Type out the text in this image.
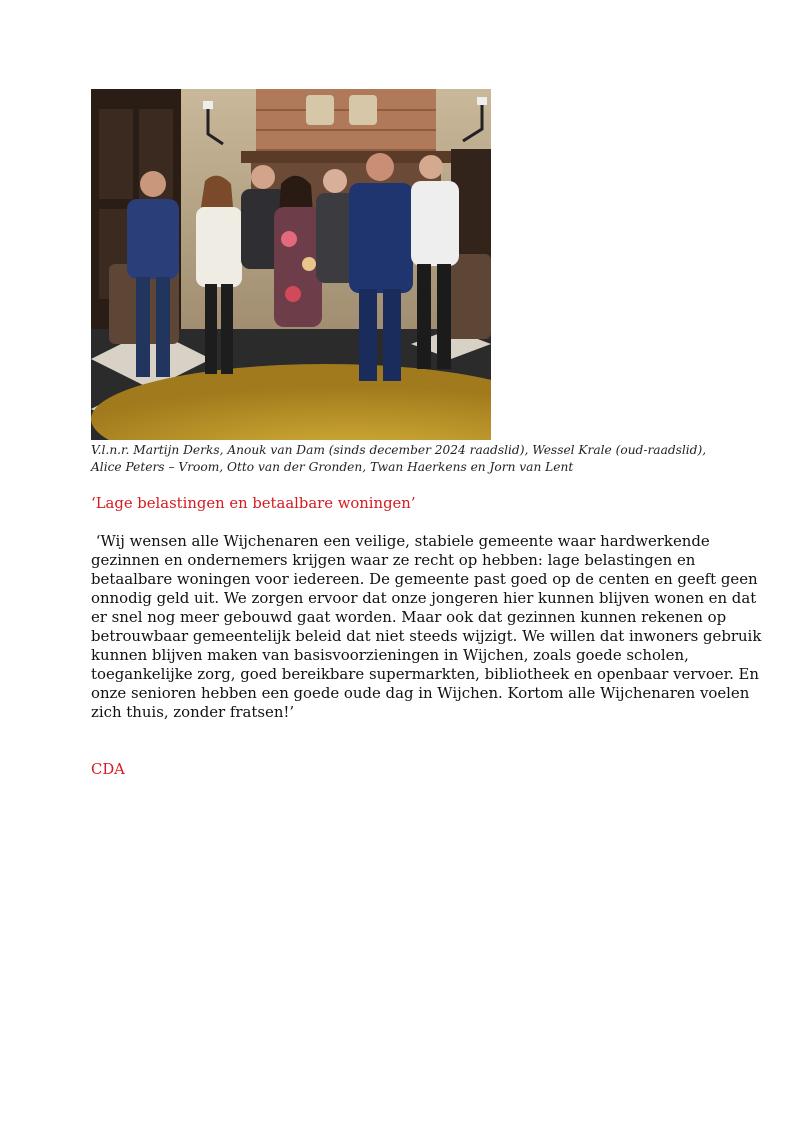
V.l.n.r. Martijn Derks, Anouk van Dam (sinds december 2024 raadslid), Wessel Krale (oud-raadslid),
Alice Peters – Vroom, Otto van der Gronden, Twan Haerkens en Jorn van Lent
‘Lage belastingen en betaalbare woningen’
‘Wij wensen alle Wijchenaren een veilige, stabiele gemeente waar hardwerkende
gezinnen en ondernemers krijgen waar ze recht op hebben: lage belastingen en
betaalbare woningen voor iedereen. De gemeente past goed op de centen en geeft geen
onnodig geld uit. We zorgen ervoor dat onze jongeren hier kunnen blijven wonen en dat
er snel nog meer gebouwd gaat worden. Maar ook dat gezinnen kunnen rekenen op
betrouwbaar gemeentelijk beleid dat niet steeds wijzigt. We willen dat inwoners gebruik
kunnen blijven maken van basisvoorzieningen in Wijchen, zoals goede scholen,
toegankelijke zorg, goed bereikbare supermarkten, bibliotheek en openbaar vervoer. En
onze senioren hebben een goede oude dag in Wijchen. Kortom alle Wijchenaren voelen
zich thuis, zonder fratsen!’
CDA
